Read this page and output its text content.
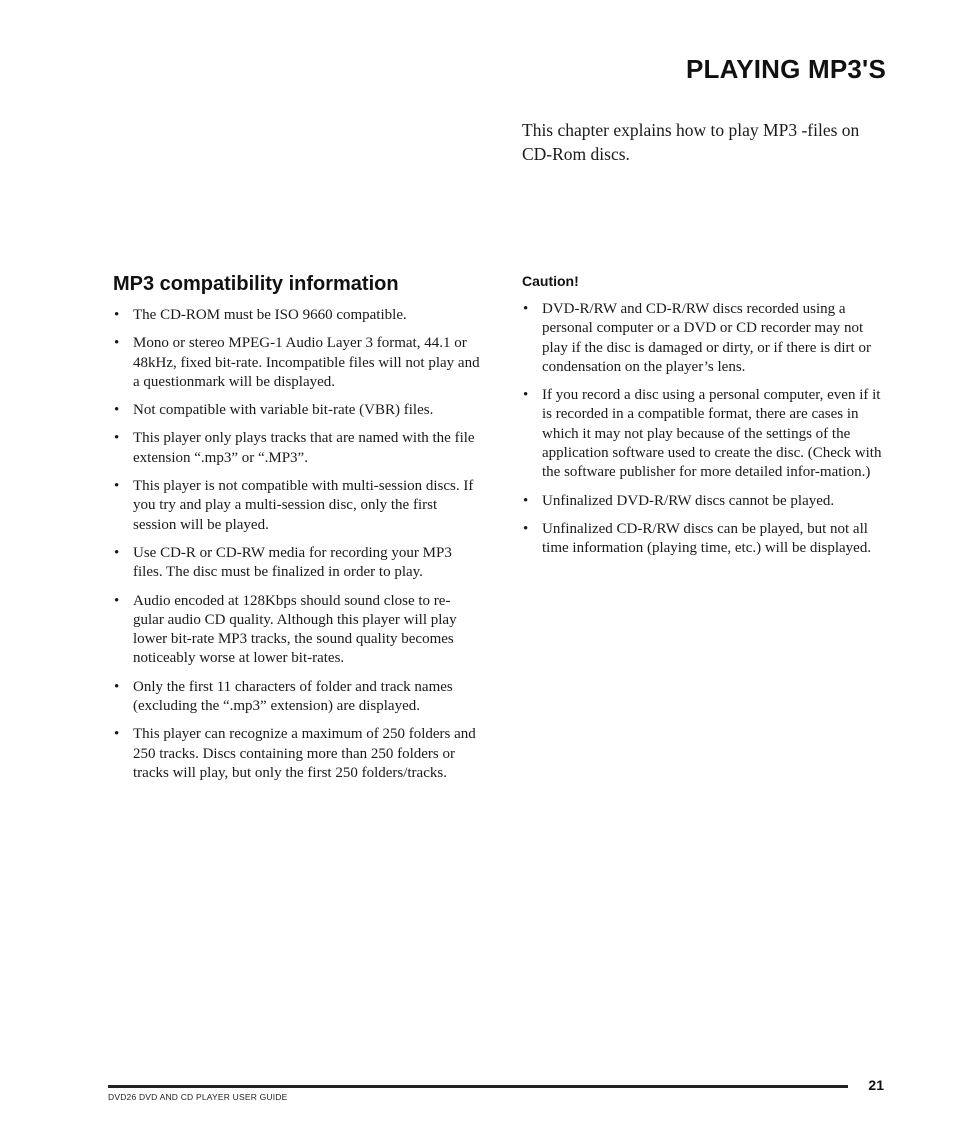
PLAYING MP3'S

This chapter explains how to play MP3 -files on CD-Rom discs.

MP3 compatibility information
• The CD-ROM must be ISO 9660 compatible.
• Mono or stereo MPEG-1 Audio Layer 3 format, 44.1 or 48kHz, fixed bit-rate. Incompatible files will not play and a questionmark will be displayed.
• Not compatible with variable bit-rate (VBR) files.
• This player only plays tracks that are named with the file extension “.mp3” or “.MP3”.
• This player is not compatible with multi-session discs. If you try and play a multi-session disc, only the first session will be played.
• Use CD-R or CD-RW media for recording your MP3 files. The disc must be finalized in order to play.
• Audio encoded at 128Kbps should sound close to re-gular audio CD quality. Although this player will play lower bit-rate MP3 tracks, the sound quality becomes noticeably worse at lower bit-rates.
• Only the first 11 characters of folder and track names (excluding the “.mp3” extension) are displayed.
• This player can recognize a maximum of 250 folders and 250 tracks. Discs containing more than 250 folders or tracks will play, but only the first 250 folders/tracks.
Caution!
• DVD-R/RW and CD-R/RW discs recorded using a personal computer or a DVD or CD recorder may not play if the disc is damaged or dirty, or if there is dirt or condensation on the player’s lens.
• If you record a disc using a personal computer, even if it is recorded in a compatible format, there are cases in which it may not play because of the settings of the application software used to create the disc. (Check with the software publisher for more detailed infor-mation.)
• Unfinalized DVD-R/RW discs cannot be played.
• Unfinalized CD-R/RW discs can be played, but not all time information (playing time, etc.) will be displayed.

21

DVD26 DVD AND CD PLAYER USER GUIDE
